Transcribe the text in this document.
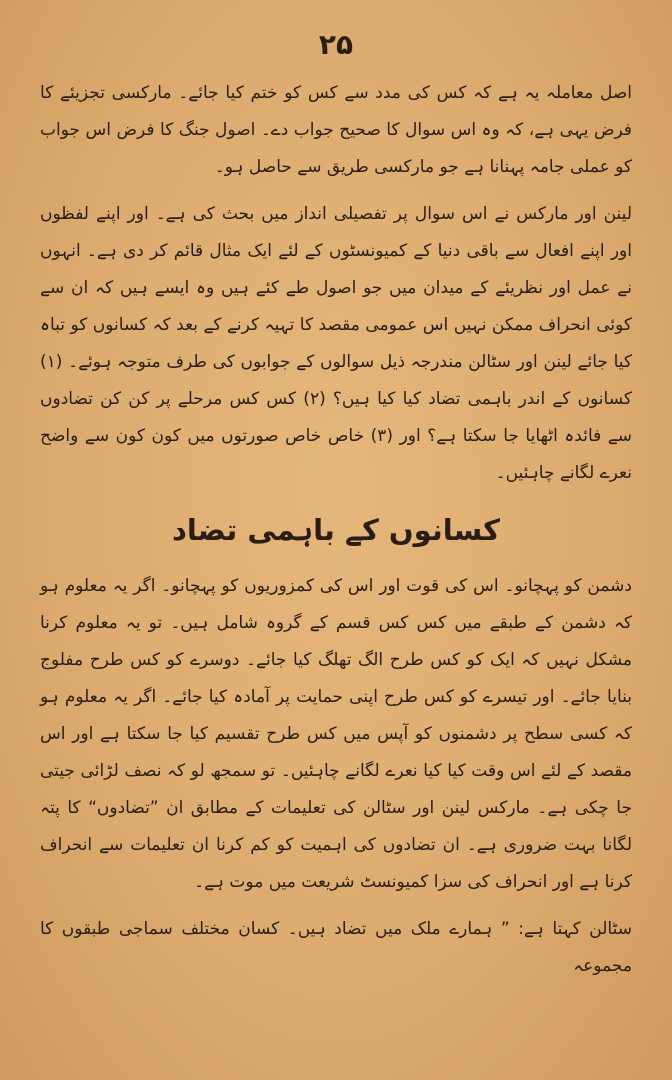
۲۵

اصل معاملہ یہ ہے کہ کس کی مدد سے کس کو ختم کیا جائے۔ مارکسی تجزیئے کا فرض یہی ہے، کہ وہ اس سوال کا صحیح جواب دے۔ اصول جنگ کا فرض اس جواب کو عملی جامہ پہنانا ہے جو مارکسی طریق سے حاصل ہو۔

لینن اور مارکس نے اس سوال پر تفصیلی انداز میں بحث کی ہے۔ اور اپنے لفظوں اور اپنے افعال سے باقی دنیا کے کمیونسٹوں کے لئے ایک مثال قائم کر دی ہے۔ انہوں نے عمل اور نظریئے کے میدان میں جو اصول طے کئے ہیں وہ ایسے ہیں کہ ان سے کوئی انحراف ممکن نہیں اس عمومی مقصد کا تہیہ کرنے کے بعد کہ کسانوں کو تباہ کیا جائے لینن اور سٹالن مندرجہ ذیل سوالوں کے جوابوں کی طرف متوجہ ہوئے۔ (۱) کسانوں کے اندر باہمی تضاد کیا کیا ہیں؟ (۲) کس کس مرحلے پر کن کن تضادوں سے فائدہ اٹھایا جا سکتا ہے؟ اور (۳) خاص خاص صورتوں میں کون کون سے واضح نعرے لگانے چاہئیں۔

کسانوں کے باہمی تضاد

دشمن کو پہچانو۔ اس کی قوت اور اس کی کمزوریوں کو پہچانو۔ اگر یہ معلوم ہو کہ دشمن کے طبقے میں کس کس قسم کے گروہ شامل ہیں۔ تو یہ معلوم کرنا مشکل نہیں کہ ایک کو کس طرح الگ تھلگ کیا جائے۔ دوسرے کو کس طرح مفلوج بنایا جائے۔ اور تیسرے کو کس طرح اپنی حمایت پر آمادہ کیا جائے۔ اگر یہ معلوم ہو کہ کسی سطح پر دشمنوں کو آپس میں کس طرح تقسیم کیا جا سکتا ہے اور اس مقصد کے لئے اس وقت کیا کیا نعرے لگانے چاہئیں۔ تو سمجھ لو کہ نصف لڑائی جیتی جا چکی ہے۔ مارکس لینن اور سٹالن کی تعلیمات کے مطابق ان ”تضادوں“ کا پتہ لگانا بہت ضروری ہے۔ ان تضادوں کی اہمیت کو کم کرنا ان تعلیمات سے انحراف کرنا ہے اور انحراف کی سزا کمیونسٹ شریعت میں موت ہے۔

سٹالن کہتا ہے: ” ہمارے ملک میں تضاد ہیں۔ کسان مختلف سماجی طبقوں کا مجموعہ
